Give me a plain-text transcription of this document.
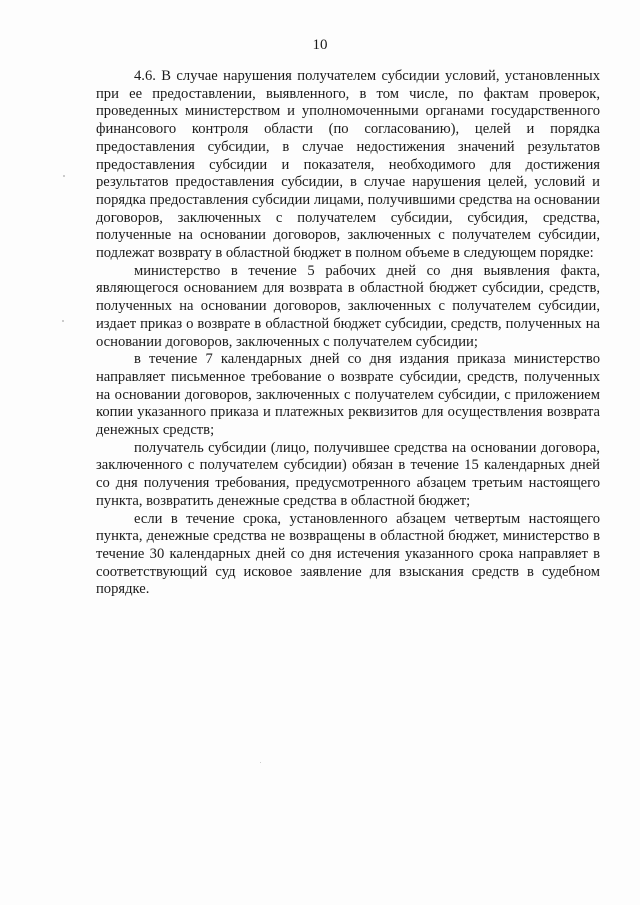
10

4.6. В случае нарушения получателем субсидии условий, установленных при ее предоставлении, выявленного, в том числе, по фактам проверок, проведенных министерством и уполномоченными органами государственного финансового контроля области (по согласованию), целей и порядка предоставления субсидии, в случае недостижения значений результатов предоставления субсидии и показателя, необходимого для достижения результатов предоставления субсидии, в случае нарушения целей, условий и порядка предоставления субсидии лицами, получившими средства на основании договоров, заключенных с получателем субсидии, субсидия, средства, полученные на основании договоров, заключенных с получателем субсидии, подлежат возврату в областной бюджет в полном объеме в следующем порядке:

министерство в течение 5 рабочих дней со дня выявления факта, являющегося основанием для возврата в областной бюджет субсидии, средств, полученных на основании договоров, заключенных с получателем субсидии, издает приказ о возврате в областной бюджет субсидии, средств, полученных на основании договоров, заключенных с получателем субсидии;

в течение 7 календарных дней со дня издания приказа министерство направляет письменное требование о возврате субсидии, средств, полученных на основании договоров, заключенных с получателем субсидии, с приложением копии указанного приказа и платежных реквизитов для осуществления возврата денежных средств;

получатель субсидии (лицо, получившее средства на основании договора, заключенного с получателем субсидии) обязан в течение 15 календарных дней со дня получения требования, предусмотренного абзацем третьим настоящего пункта, возвратить денежные средства в областной бюджет;

если в течение срока, установленного абзацем четвертым настоящего пункта, денежные средства не возвращены в областной бюджет, министерство в течение 30 календарных дней со дня истечения указанного срока направляет в соответствующий суд исковое заявление для взыскания средств в судебном порядке.
